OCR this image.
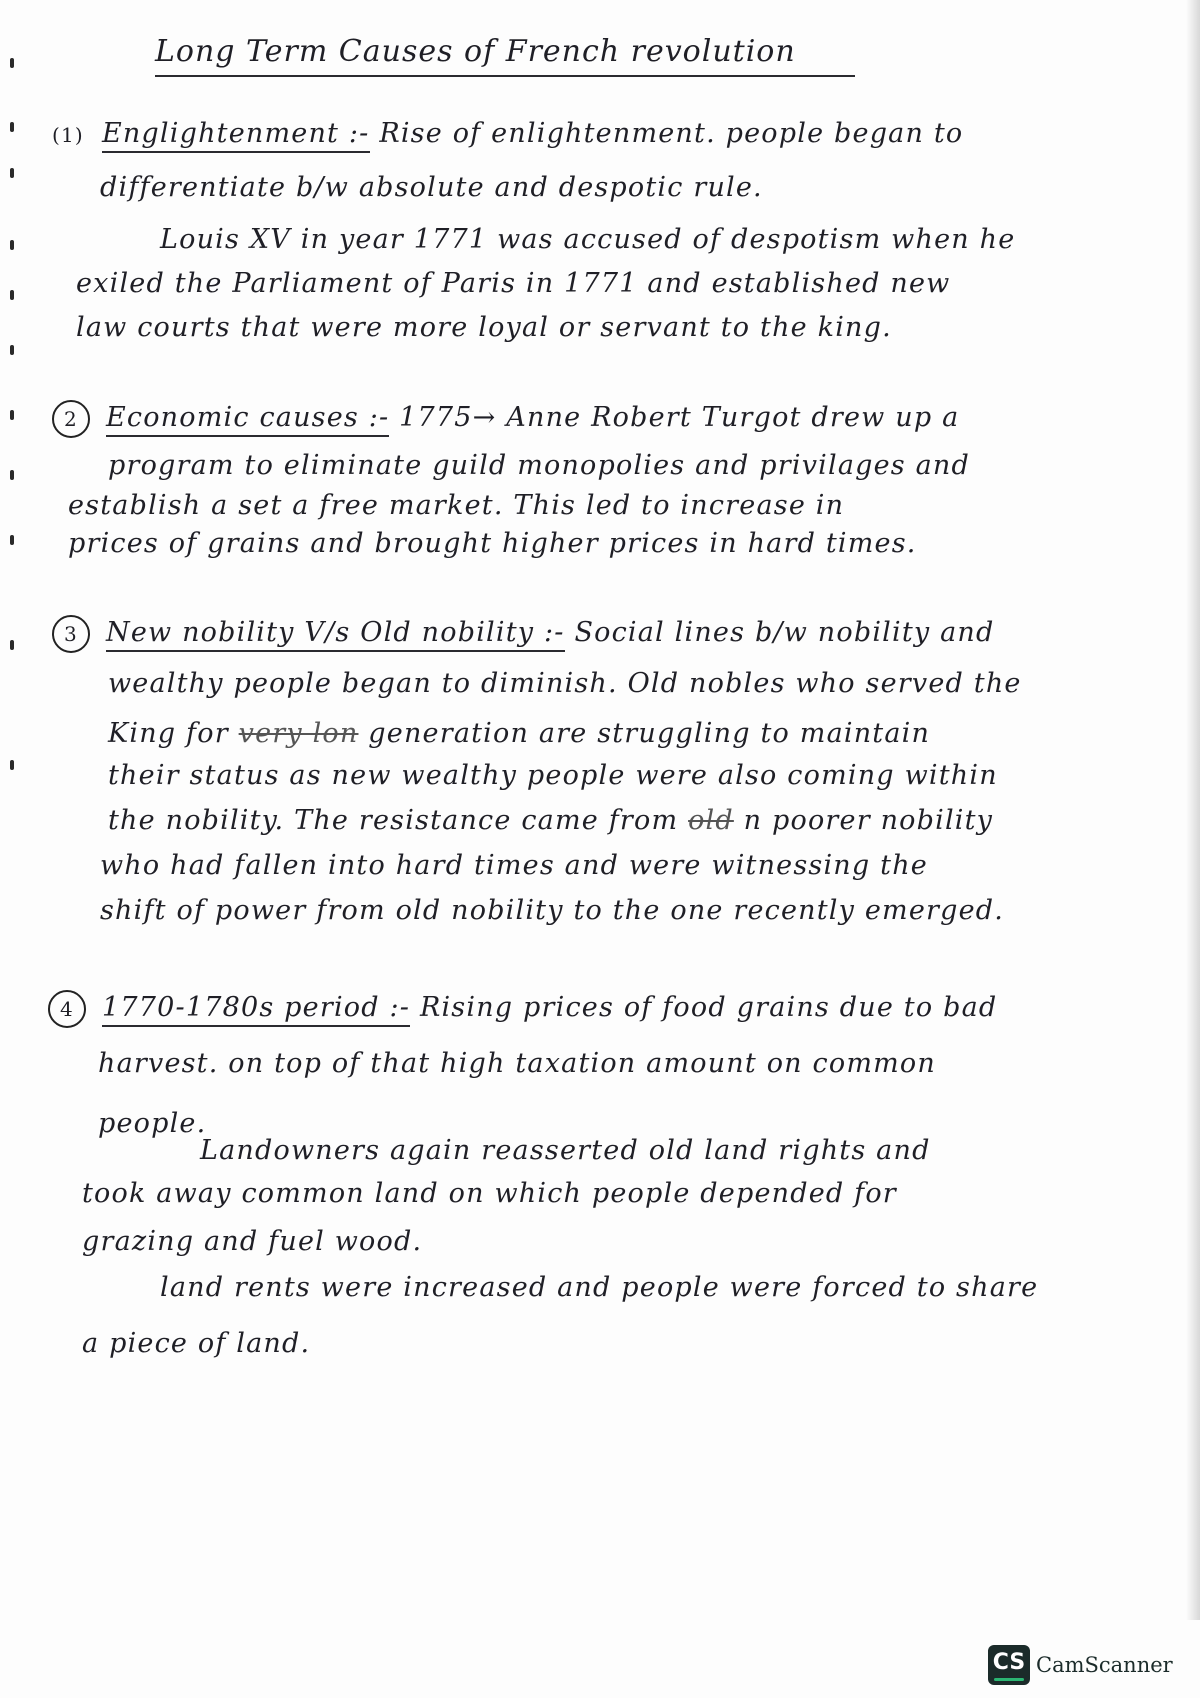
Long Term Causes of French revolution
(1) Englightenment :- Rise of enlightenment. people began to
differentiate b/w absolute and despotic rule.
Louis XV in year 1771 was accused of despotism when he
exiled the Parliament of Paris in 1771 and established new
law courts that were more loyal or servant to the king.
2 Economic causes :- 1775→ Anne Robert Turgot drew up a
program to eliminate guild monopolies and privilages and
establish a set a free market. This led to increase in
prices of grains and brought higher prices in hard times.
3 New nobility V/s Old nobility :- Social lines b/w nobility and
wealthy people began to diminish. Old nobles who served the
King for very lon generation are struggling to maintain
their status as new wealthy people were also coming within
the nobility. The resistance came from old n poorer nobility
who had fallen into hard times and were witnessing the
shift of power from old nobility to the one recently emerged.
4 1770-1780s period :- Rising prices of food grains due to bad
harvest. on top of that high taxation amount on common
people.
Landowners again reasserted old land rights and
took away common land on which people depended for
grazing and fuel wood.
land rents were increased and people were forced to share
a piece of land.
CS CamScanner
